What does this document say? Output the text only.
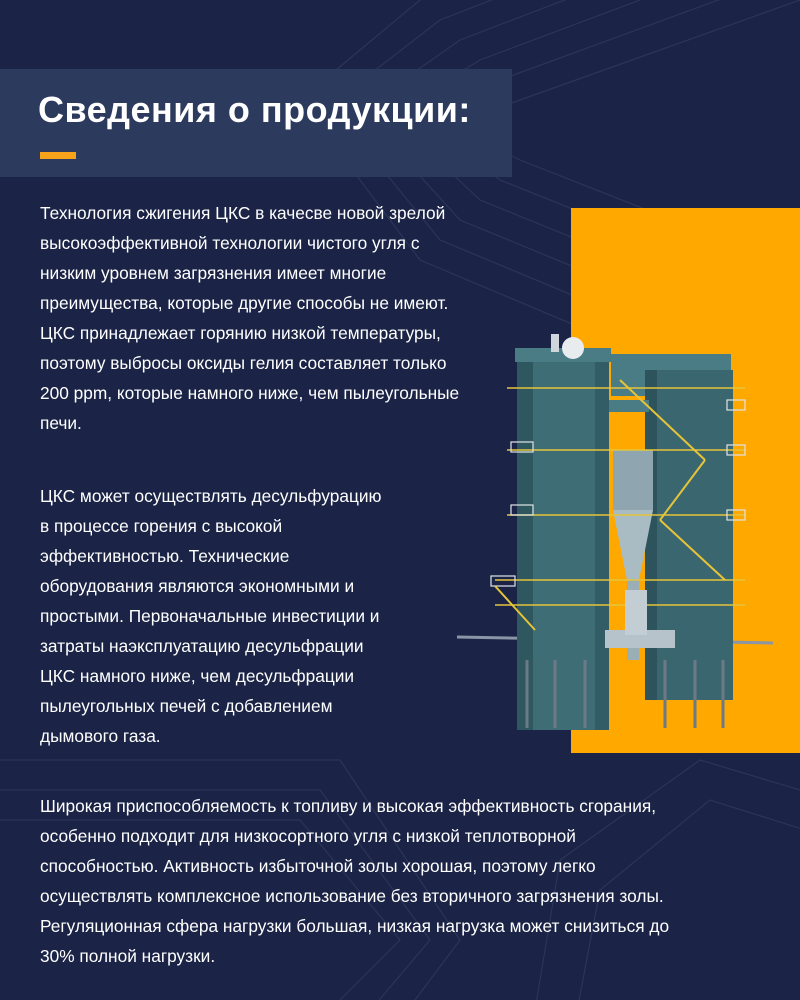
Сведения о продукции:

Технология сжигения ЦКС в качесве новой зрелой
высокоэффективной технологии чистого угля с
низким уровнем загрязнения имеет многие
преимущества, которые другие способы не имеют.
ЦКС принадлежает горянию низкой температуры,
поэтому выбросы оксиды гелия составляет только
200 ppm, которые намного ниже, чем пылеугольные
печи.

ЦКС может осуществлять десульфурацию
в процессе горения с высокой
эффективностью. Технические
оборудования являются экономными и
простыми. Первоначальные инвестиции и
затраты наэксплуатацию десульфрации
ЦКС намного ниже, чем десульфрации
пылеугольных печей с добавлением
дымового газа.

Широкая приспособляемость к топливу и высокая эффективность сгорания,
особенно подходит для низкосортного угля с низкой теплотворной
способностью. Активность избыточной золы хорошая, поэтому легко
осуществлять комплексное использование без вторичного загрязнения золы.
Регуляционная сфера нагрузки большая, низкая нагрузка может снизиться до
30% полной нагрузки.
